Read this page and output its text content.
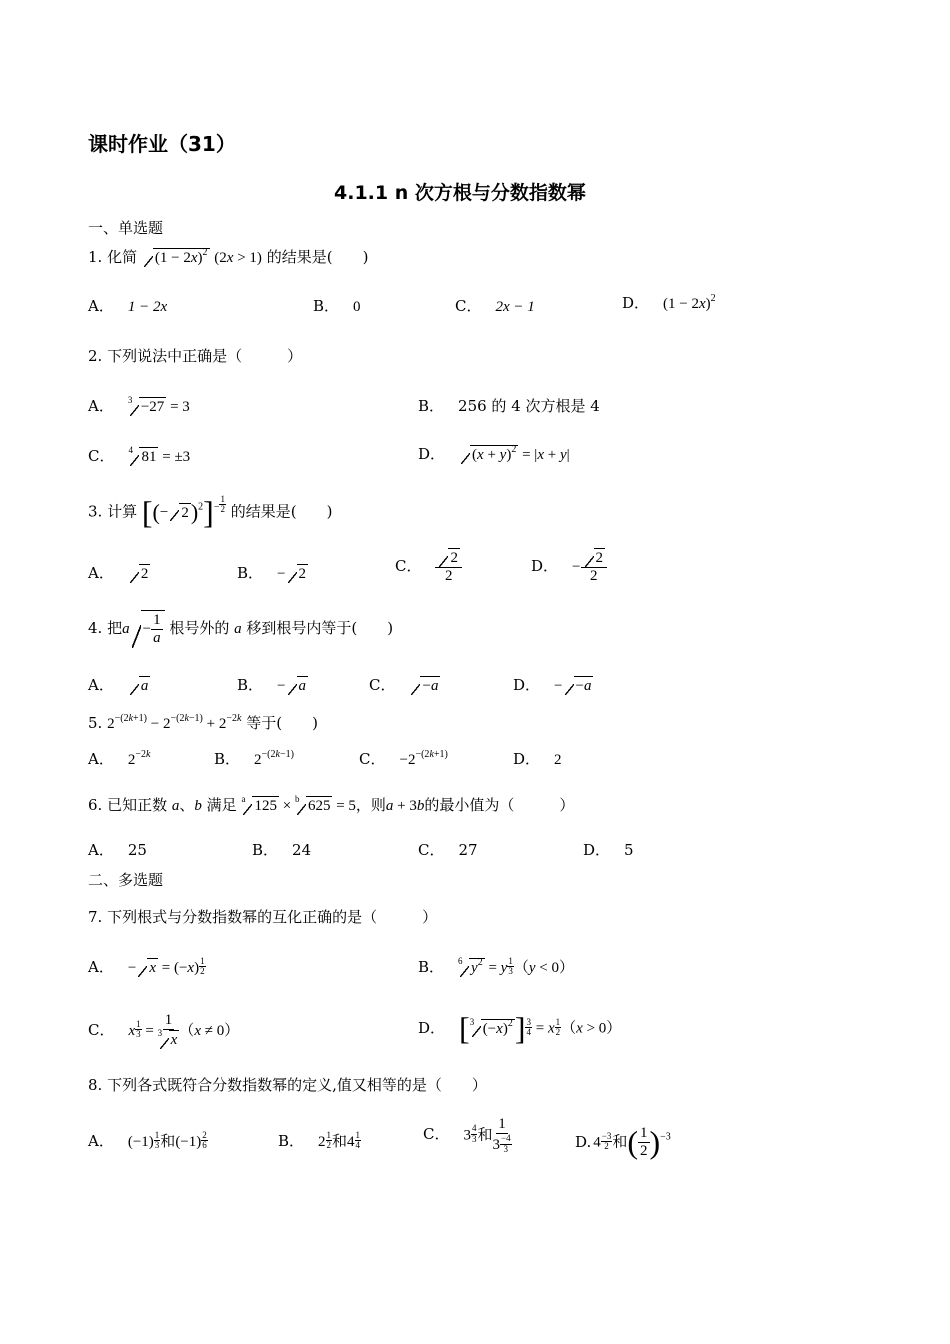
课时作业（31）
4.1.1 n 次方根与分数指数幂
一、单选题
1. 化简 $(1 - 2x)^2$ (2x > 1) 的结果是(　　)
A． 1 − 2x	B． 0	C． 2x − 1	D． $(1 - 2x)^2$
2. 下列说法中正确是（　　　）
A． 3 −27 = 3	B． 256 的 4 次方根是 4
C． 4 81 = ±3	D． $(x + y)^2 = |x + y|$
3. 计算 [(− 2)$^2$]$^{- \frac{1}{2}}$ 的结果是(　　)
A． 2	B． − 2	C． $\frac{2}{2}$	D． − $\frac{2}{2}$
4. 把$a - \frac{1}{a}$ 根号外的 a 移到根号内等于(　　)
A． a	B． − a	C． −a	D． − −a
5. $2^{-(2k+1)} - 2^{-(2k-1)} + 2^{-2k}$ 等于(　　)
A． $2^{-2k}$	B． $2^{-(2k-1)}$	C． $-2^{-(2k+1)}$	D． 2
6. 已知正数 a、b 满足 a 125 × b 625 = 5，则a + 3b的最小值为（　　　）
A． 25	B． 24	C． 27	D． 5
二、多选题
7. 下列根式与分数指数幂的互化正确的是（　　　）
A． − $x = (-x) \frac{1}{2}$	B． 6 $y^2 = y \frac{1}{3} (y < 0)$
C． x $\frac{1}{3} = \frac{1}{3 x} (x \ne 0)$	D． [ 3 $(-x)^2] \frac{3}{4} = x \frac{1}{2} (x > 0)$
8. 下列各式既符合分数指数幂的定义,值又相等的是（　　）
A． $(-1) \frac{1}{3}$ 和$(-1) \frac{2}{6}$	B． $2 \frac{1}{2}$ 和$4 \frac{1}{4}$	C． $3 \frac{4}{3}$ 和 $\frac{1}{3 \frac{-4}{3}}$	D. $4 \frac{-3}{2}$ 和( $\frac{1}{2} )^{-3}$
